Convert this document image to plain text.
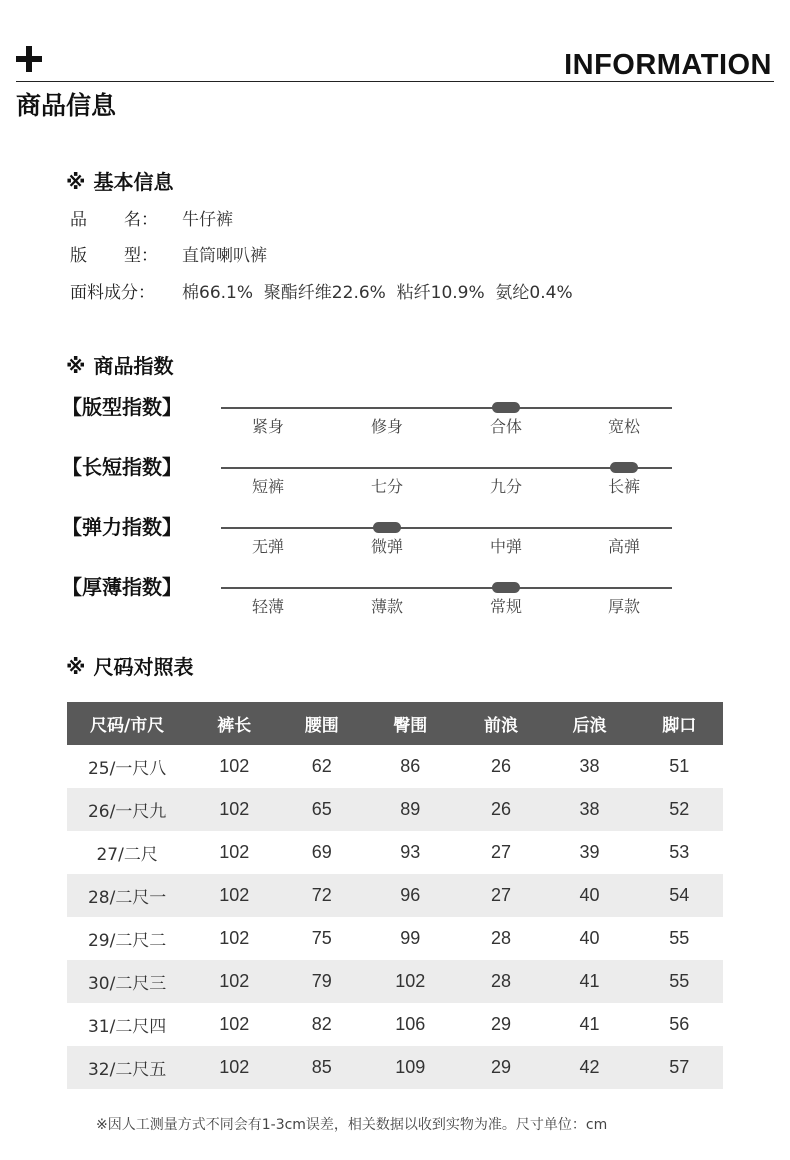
INFORMATION
商品信息
※ 基本信息
品 名： 牛仔裤
版 型： 直筒喇叭裤
面料成分： 棉66.1%  聚酯纤维22.6%  粘纤10.9%  氨纶0.4%
※ 商品指数
【版型指数】
紧身	修身	合体	宽松
【长短指数】
短裤	七分	九分	长裤
【弹力指数】
无弹	微弹	中弹	高弹
【厚薄指数】
轻薄	薄款	常规	厚款
※ 尺码对照表
尺码/市尺	裤长	腰围	臀围	前浪	后浪	脚口
25/一尺八	102	62	86	26	38	51
26/一尺九	102	65	89	26	38	52
27/二尺	102	69	93	27	39	53
28/二尺一	102	72	96	27	40	54
29/二尺二	102	75	99	28	40	55
30/二尺三	102	79	102	28	41	55
31/二尺四	102	82	106	29	41	56
32/二尺五	102	85	109	29	42	57
※因人工测量方式不同会有1-3cm误差，相关数据以收到实物为准。尺寸单位：cm
